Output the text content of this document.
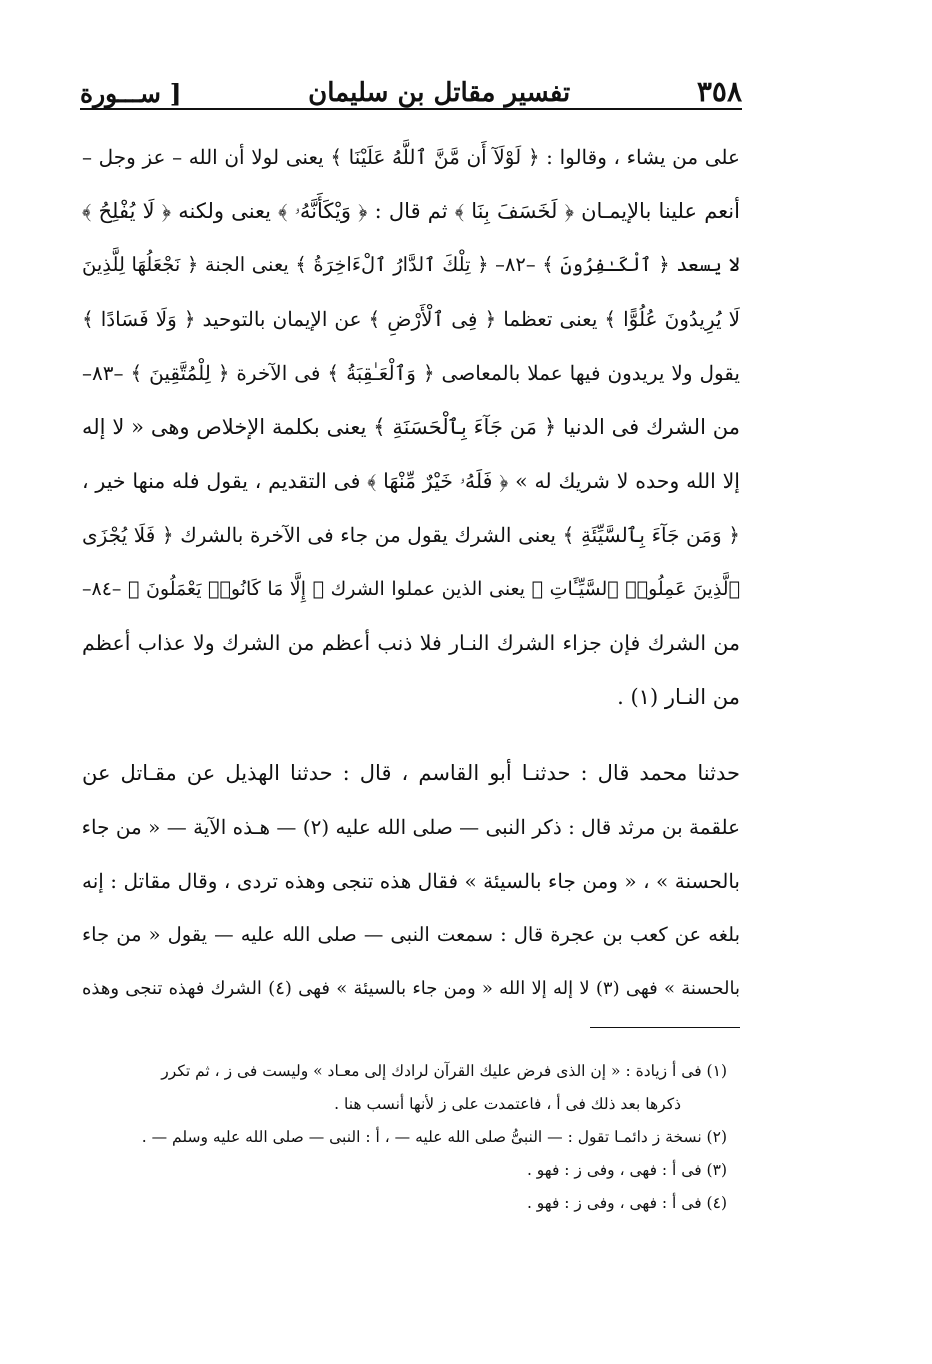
٣٥٨
تفسير مقاتل بن سليمان
[ ســـورة
على من يشاء ، وقالوا : ﴿ لَوْلَآ أَن مَّنَّ ٱللَّهُ عَلَيْنَا ﴾ يعنى لولا أن الله – عز وجل –
أنعم علينا بالإيمـان ﴿ لَخَسَفَ بِنَا ﴾ ثم قال : ﴿ وَيْكَأَنَّهُۥ ﴾ يعنى ولكنه ﴿ لَا يُفْلِحُ ﴾
لا يسعد ﴿ ٱلْكَـٰفِرُونَ ﴾ –٨٢– ﴿ تِلْكَ ٱلدَّارُ ٱلْءَاخِرَةُ ﴾ يعنى الجنة ﴿ نَجْعَلُهَا لِلَّذِينَ
لَا يُرِيدُونَ عُلُوًّا ﴾ يعنى تعظما ﴿ فِى ٱلْأَرْضِ ﴾ عن الإيمان بالتوحيد ﴿ وَلَا فَسَادًا ﴾
يقول ولا يريدون فيها عملا بالمعاصى ﴿ وَٱلْعَـٰقِبَةُ ﴾ فى الآخرة ﴿ لِلْمُتَّقِينَ ﴾ –٨٣–
من الشرك فى الدنيا ﴿ مَن جَآءَ بِٱلْحَسَنَةِ ﴾ يعنى بكلمة الإخلاص وهى « لا إله
إلا الله وحده لا شريك له » ﴿ فَلَهُۥ خَيْرٌ مِّنْهَا ﴾ فى التقديم ، يقول فله منها خير ،
﴿ وَمَن جَآءَ بِٱلسَّيِّئَةِ ﴾ يعنى الشرك يقول من جاء فى الآخرة بالشرك ﴿ فَلَا يُجْزَى
ٱلَّذِينَ عَمِلُوا۟ ٱلسَّيِّـَٔاتِ ﴾ يعنى الذين عملوا الشرك ﴿ إِلَّا مَا كَانُوا۟ يَعْمَلُونَ ﴾ –٨٤–
من الشرك فإن جزاء الشرك النـار فلا ذنب أعظم من الشرك ولا عذاب أعظم
من النـار (١) .
حدثنا محمد قال : حدثنـا أبو القاسم ، قال : حدثنا الهذيل عن مقـاتل عن
علقمة بن مرثد قال : ذكر النبى — صلى الله عليه (٢) — هـذه الآية — « من جاء
بالحسنة » ، « ومن جاء بالسيئة » فقال هذه تنجى وهذه تردى ، وقال مقاتل : إنه
بلغه عن كعب بن عجرة قال : سمعت النبى — صلى الله عليه — يقول « من جاء
بالحسنة » فهى (٣) لا إله إلا الله « ومن جاء بالسيئة » فهى (٤) الشرك فهذه تنجى وهذه
(١) فى أ زيادة : « إن الذى فرض عليك القرآن لرادك إلى معـاد » وليست فى ز ، ثم تكرر
ذكرها بعد ذلك فى أ ، فاعتمدت على ز لأنها أنسب هنا .
(٢) نسخة ز دائمـا تقول : — النبىُّ صلى الله عليه — ، أ : النبى — صلى الله عليه وسلم — .
(٣) فى أ : فهى ، وفى ز : فهو .
(٤) فى أ : فهى ، وفى ز : فهو .
